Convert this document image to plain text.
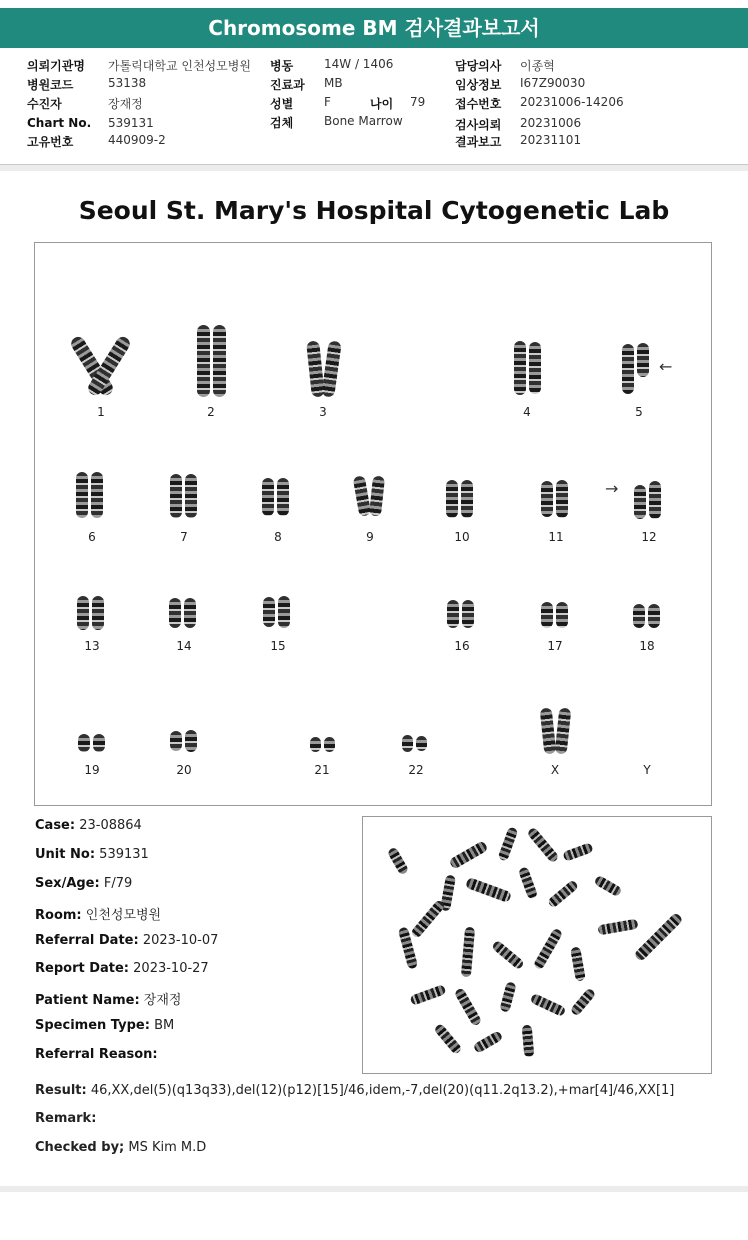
Chromosome BM 검사결과보고서
의뢰기관명 가톨릭대학교 인천성모병원
병원코드	53138
수진자	장재정
Chart No. 539131
고유번호	440909-2
병동	14W / 1406
진료과 MB
성별	F	나이 79
검체	Bone Marrow
담당의사 이종혁
임상정보 I67Z90030
접수번호 20231006-14206
검사의뢰 20231006
결과보고 20231101
Seoul St. Mary's Hospital Cytogenetic Lab
1	2	3	4
←
5
6	7	8	9	10	11
→
12
13	14	15	16	17	18
19	20	21	22	X	Y
Case: 23-08864
Unit No: 539131
Sex/Age: F/79
Room: 인천성모병원
Referral Date: 2023-10-07
Report Date: 2023-10-27
Patient Name: 장재정
Specimen Type: BM
Referral Reason:
Result: 46,XX,del(5)(q13q33),del(12)(p12)[15]/46,idem,-7,del(20)(q11.2q13.2),+mar[4]/46,XX[1]
Remark:
Checked by; MS Kim M.D
